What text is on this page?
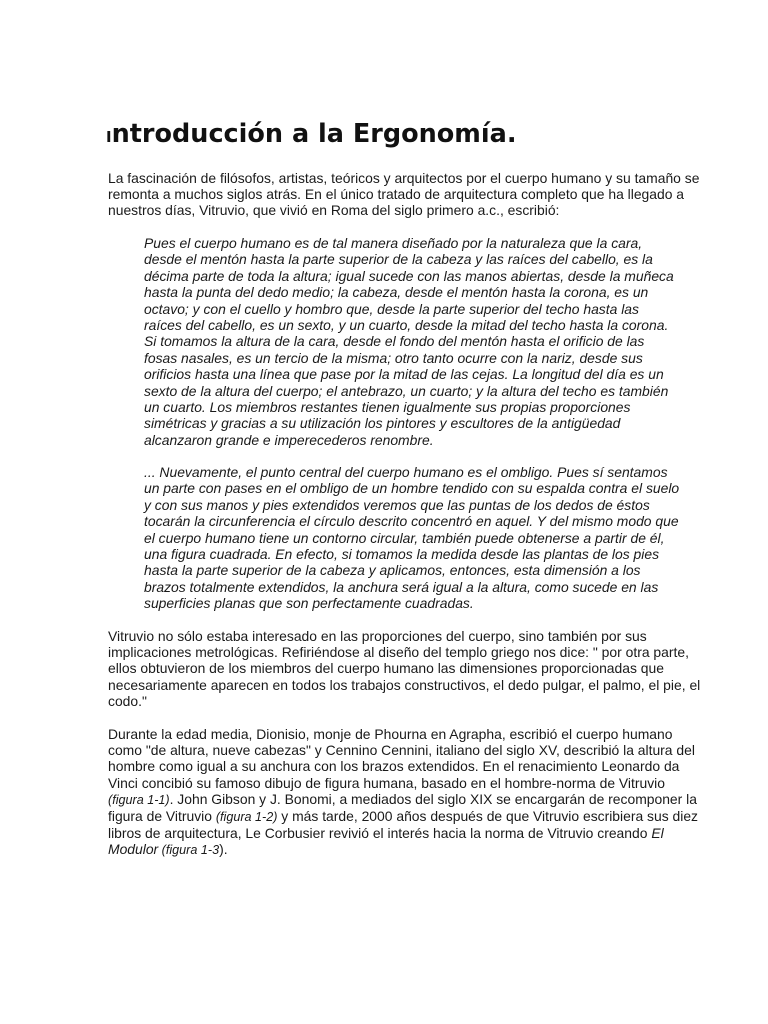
Introducción a la Ergonomía.

La fascinación de filósofos, artistas, teóricos y arquitectos por el cuerpo humano y su tamaño se
remonta a muchos siglos atrás. En el único tratado de arquitectura completo que ha llegado a
nuestros días, Vitruvio, que vivió en Roma del siglo primero a.c., escribió:

Pues el cuerpo humano es de tal manera diseñado por la naturaleza que la cara,
desde el mentón hasta la parte superior de la cabeza y las raíces del cabello, es la
décima parte de toda la altura; igual sucede con las manos abiertas, desde la muñeca
hasta la punta del dedo medio; la cabeza, desde el mentón hasta la corona, es un
octavo; y con el cuello y hombro que, desde la parte superior del techo hasta las
raíces del cabello, es un sexto, y un cuarto, desde la mitad del techo hasta la corona.
Si tomamos la altura de la cara, desde el fondo del mentón hasta el orificio de las
fosas nasales, es un tercio de la misma; otro tanto ocurre con la nariz, desde sus
orificios hasta una línea que pase por la mitad de las cejas. La longitud del día es un
sexto de la altura del cuerpo; el antebrazo, un cuarto; y la altura del techo es también
un cuarto. Los miembros restantes tienen igualmente sus propias proporciones
simétricas y gracias a su utilización los pintores y escultores de la antigüedad
alcanzaron grande e imperecederos renombre.
... Nuevamente, el punto central del cuerpo humano es el ombligo. Pues sí sentamos
un parte con pases en el ombligo de un hombre tendido con su espalda contra el suelo
y con sus manos y pies extendidos veremos que las puntas de los dedos de éstos
tocarán la circunferencia el círculo descrito concentró en aquel. Y del mismo modo que
el cuerpo humano tiene un contorno circular, también puede obtenerse a partir de él,
una figura cuadrada. En efecto, si tomamos la medida desde las plantas de los pies
hasta la parte superior de la cabeza y aplicamos, entonces, esta dimensión a los
brazos totalmente extendidos, la anchura será igual a la altura, como sucede en las
superficies planas que son perfectamente cuadradas.

Vitruvio no sólo estaba interesado en las proporciones del cuerpo, sino también por sus
implicaciones metrológicas. Refiriéndose al diseño del templo griego nos dice: " por otra parte,
ellos obtuvieron de los miembros del cuerpo humano las dimensiones proporcionadas que
necesariamente aparecen en todos los trabajos constructivos, el dedo pulgar, el palmo, el pie, el
codo."

Durante la edad media, Dionisio, monje de Phourna en Agrapha, escribió el cuerpo humano
como "de altura, nueve cabezas" y Cennino Cennini, italiano del siglo XV, describió la altura del
hombre como igual a su anchura con los brazos extendidos. En el renacimiento Leonardo da
Vinci concibió su famoso dibujo de figura humana, basado en el hombre-norma de Vitruvio
(figura 1-1). John Gibson y J. Bonomi, a mediados del siglo XIX se encargarán de recomponer la
figura de Vitruvio (figura 1-2) y más tarde, 2000 años después de que Vitruvio escribiera sus diez
libros de arquitectura, Le Corbusier revivió el interés hacia la norma de Vitruvio creando El
Modulor (figura 1-3).
